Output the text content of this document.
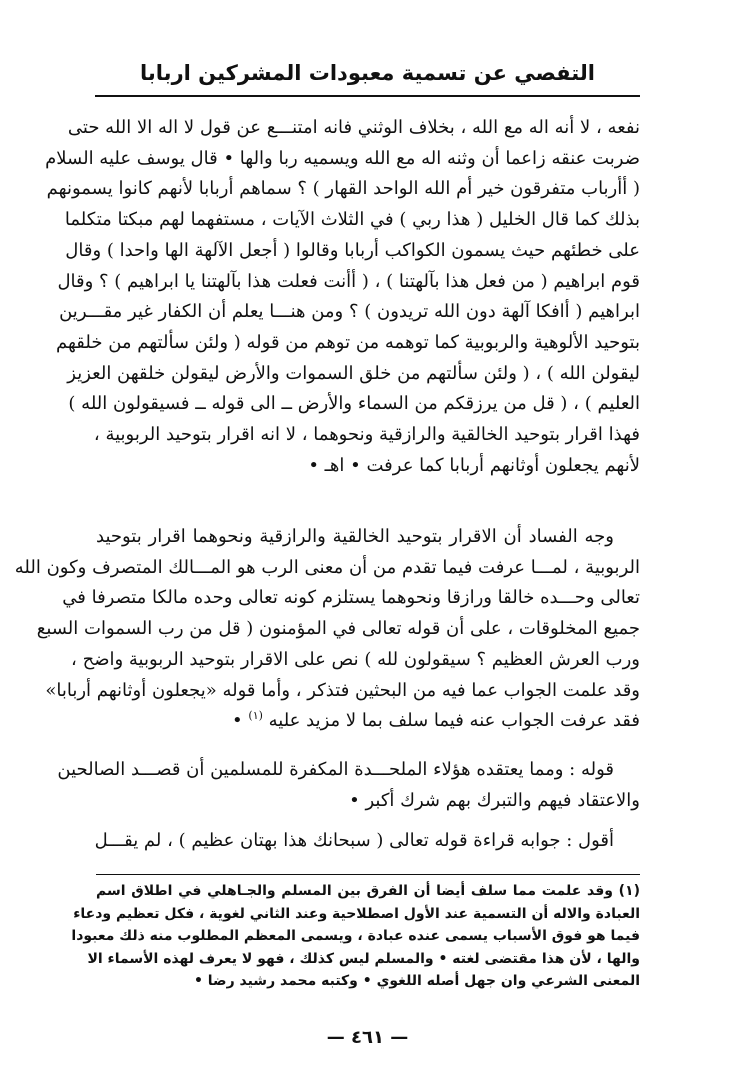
التفصي عن تسمية معبودات المشركين اربابا
نفعه ، لا أنه اله مع الله ، بخلاف الوثني فانه امتنـــع عن قول لا اله الا الله حتى
ضربت عنقه زاعما أن وثنه اله مع الله ويسميه ربا والها • قال يوسف عليه السلام
( أأرباب متفرقون خير أم الله الواحد القهار ) ؟ سماهم أربابا لأنهم كانوا يسمونهم
بذلك كما قال الخليل ( هذا ربي ) في الثلاث الآيات ، مستفهما لهم مبكتا متكلما
على خطئهم حيث يسمون الكواكب أربابا وقالوا ( أجعل الآلهة الها واحدا ) وقال
قوم ابراهيم ( من فعل هذا بآلهتنا ) ، ( أأنت فعلت هذا بآلهتنا يا ابراهيم ) ؟ وقال
ابراهيم ( أافكا آلهة دون الله تريدون ) ؟ ومن هنـــا يعلم أن الكفار غير مقـــرين
بتوحيد الألوهية والربوبية كما توهمه من توهم من قوله ( ولئن سألتهم من خلقهم
ليقولن الله ) ، ( ولئن سألتهم من خلق السموات والأرض ليقولن خلقهن العزيز
العليم ) ، ( قل من يرزقكم من السماء والأرض ــ الى قوله ــ فسيقولون الله )
فهذا اقرار بتوحيد الخالقية والرازقية ونحوهما ، لا انه اقرار بتوحيد الربوبية ،
لأنهم يجعلون أوثانهم أربابا كما عرفت • اهـ •
وجه الفساد أن الاقرار بتوحيد الخالقية والرازقية ونحوهما اقرار بتوحيد
الربوبية ، لمـــا عرفت فيما تقدم من أن معنى الرب هو المـــالك المتصرف وكون الله
تعالى وحـــده خالقا ورازقا ونحوهما يستلزم كونه تعالى وحده مالكا متصرفا في
جميع المخلوقات ، على أن قوله تعالى في المؤمنون ( قل من رب السموات السبع
ورب العرش العظيم ؟ سيقولون لله ) نص على الاقرار بتوحيد الربوبية واضح ،
وقد علمت الجواب عما فيه من البحثين فتذكر ، وأما قوله «يجعلون أوثانهم أربابا»
فقد عرفت الجواب عنه فيما سلف بما لا مزيد عليه $^{(١)}$ •
قوله : ومما يعتقده هؤلاء الملحـــدة المكفرة للمسلمين أن قصـــد الصالحين
والاعتقاد فيهم والتبرك بهم شرك أكبر •
أقول : جوابه قراءة قوله تعالى ( سبحانك هذا بهتان عظيم ) ، لم يقـــل
(١) وقد علمت مما سلف أيضا أن الفرق بين المسلم والجـاهلي في اطلاق اسم
العبادة والاله أن التسمية عند الأول اصطلاحية وعند الثاني لغوية ، فكل تعظيم ودعاء
فيما هو فوق الأسباب يسمى عنده عبادة ، ويسمى المعظم المطلوب منه ذلك معبودا
والها ، لأن هذا مقتضى لغته • والمسلم ليس كذلك ، فهو لا يعرف لهذه الأسماء الا
المعنى الشرعي وان جهل أصله اللغوي • وكتبه محمد رشيد رضا •
— ٤٦١ —
